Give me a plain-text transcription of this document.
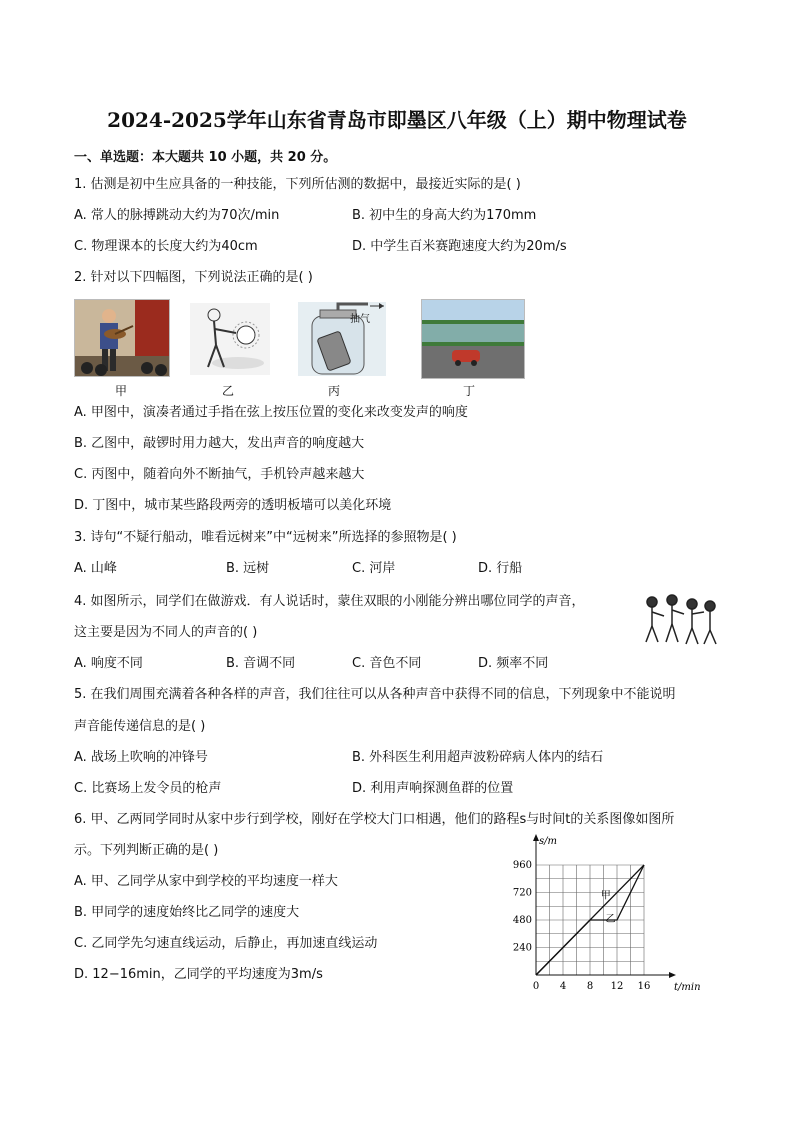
2024-2025学年山东省青岛市即墨区八年级（上）期中物理试卷
一、单选题：本大题共 10 小题，共 20 分。
1. 估测是初中生应具备的一种技能，下列所估测的数据中，最接近实际的是( )
A. 常人的脉搏跳动大约为70次/min	B. 初中生的身高大约为170mm
C. 物理课本的长度大约为40cm	D. 中学生百米赛跑速度大约为20m/s
2. 针对以下四幅图，下列说法正确的是( )
抽气
甲	乙	丙	丁
A. 甲图中，演凑者通过手指在弦上按压位置的变化来改变发声的响度
B. 乙图中，敲锣时用力越大，发出声音的响度越大
C. 丙图中，随着向外不断抽气，手机铃声越来越大
D. 丁图中，城市某些路段两旁的透明板墙可以美化环境
3. 诗句“不疑行船动，唯看远树来”中“远树来”所选择的参照物是( )
A. 山峰	B. 远树	C. 河岸	D. 行船
4. 如图所示，同学们在做游戏．有人说话时，蒙住双眼的小刚能分辨出哪位同学的声音，
这主要是因为不同人的声音的( )
A. 响度不同	B. 音调不同	C. 音色不同	D. 频率不同
5. 在我们周围充满着各种各样的声音，我们往往可以从各种声音中获得不同的信息，下列现象中不能说明
声音能传递信息的是( )
A. 战场上吹响的冲锋号	B. 外科医生利用超声波粉碎病人体内的结石
C. 比赛场上发令员的枪声	D. 利用声响探测鱼群的位置
6. 甲、乙两同学同时从家中步行到学校，刚好在学校大门口相遇，他们的路程s与时间t的关系图像如图所
示。下列判断正确的是( )
A. 甲、乙同学从家中到学校的平均速度一样大
B. 甲同学的速度始终比乙同学的速度大
C. 乙同学先匀速直线运动，后静止，再加速直线运动
D. 12−16min，乙同学的平均速度为3m/s
s/m
t/min
240
480
720
960
0 4 8 12 16
甲
乙
